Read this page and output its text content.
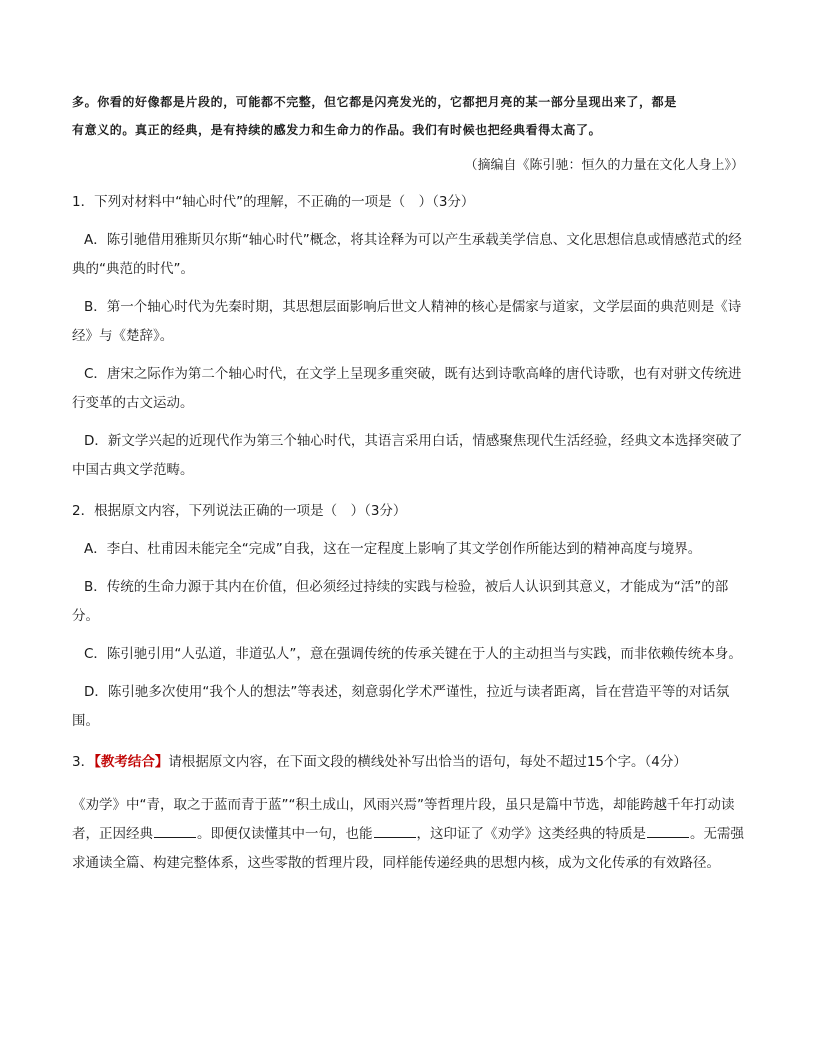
多。你看的好像都是片段的，可能都不完整，但它都是闪亮发光的，它都把月亮的某一部分呈现出来了，都是
有意义的。真正的经典，是有持续的感发力和生命力的作品。我们有时候也把经典看得太高了。
（摘编自《陈引驰：恒久的力量在文化人身上》）
1．下列对材料中“轴心时代”的理解，不正确的一项是（　）（3分）
A．陈引驰借用雅斯贝尔斯“轴心时代”概念，将其诠释为可以产生承载美学信息、文化思想信息或情感范式的经典的“典范的时代”。
B．第一个轴心时代为先秦时期，其思想层面影响后世文人精神的核心是儒家与道家，文学层面的典范则是《诗经》与《楚辞》。
C．唐宋之际作为第二个轴心时代，在文学上呈现多重突破，既有达到诗歌高峰的唐代诗歌，也有对骈文传统进行变革的古文运动。
D．新文学兴起的近现代作为第三个轴心时代，其语言采用白话，情感聚焦现代生活经验，经典文本选择突破了中国古典文学范畴。
2．根据原文内容，下列说法正确的一项是（　）（3分）
A．李白、杜甫因未能完全“完成”自我，这在一定程度上影响了其文学创作所能达到的精神高度与境界。
B．传统的生命力源于其内在价值，但必须经过持续的实践与检验，被后人认识到其意义，才能成为“活”的部分。
C．陈引驰引用“人弘道，非道弘人”，意在强调传统的传承关键在于人的主动担当与实践，而非依赖传统本身。
D．陈引驰多次使用“我个人的想法”等表述，刻意弱化学术严谨性，拉近与读者距离，旨在营造平等的对话氛围。
3．【教考结合】请根据原文内容，在下面文段的横线处补写出恰当的语句，每处不超过15个字。（4分）
《劝学》中“青，取之于蓝而青于蓝”“积土成山，风雨兴焉”等哲理片段，虽只是篇中节选，却能跨越千年打动读者，正因经典	。即便仅读懂其中一句，也能	，这印证了《劝学》这类经典的特质是	。无需强求通读全篇、构建完整体系，这些零散的哲理片段，同样能传递经典的思想内核，成为文化传承的有效路径。
